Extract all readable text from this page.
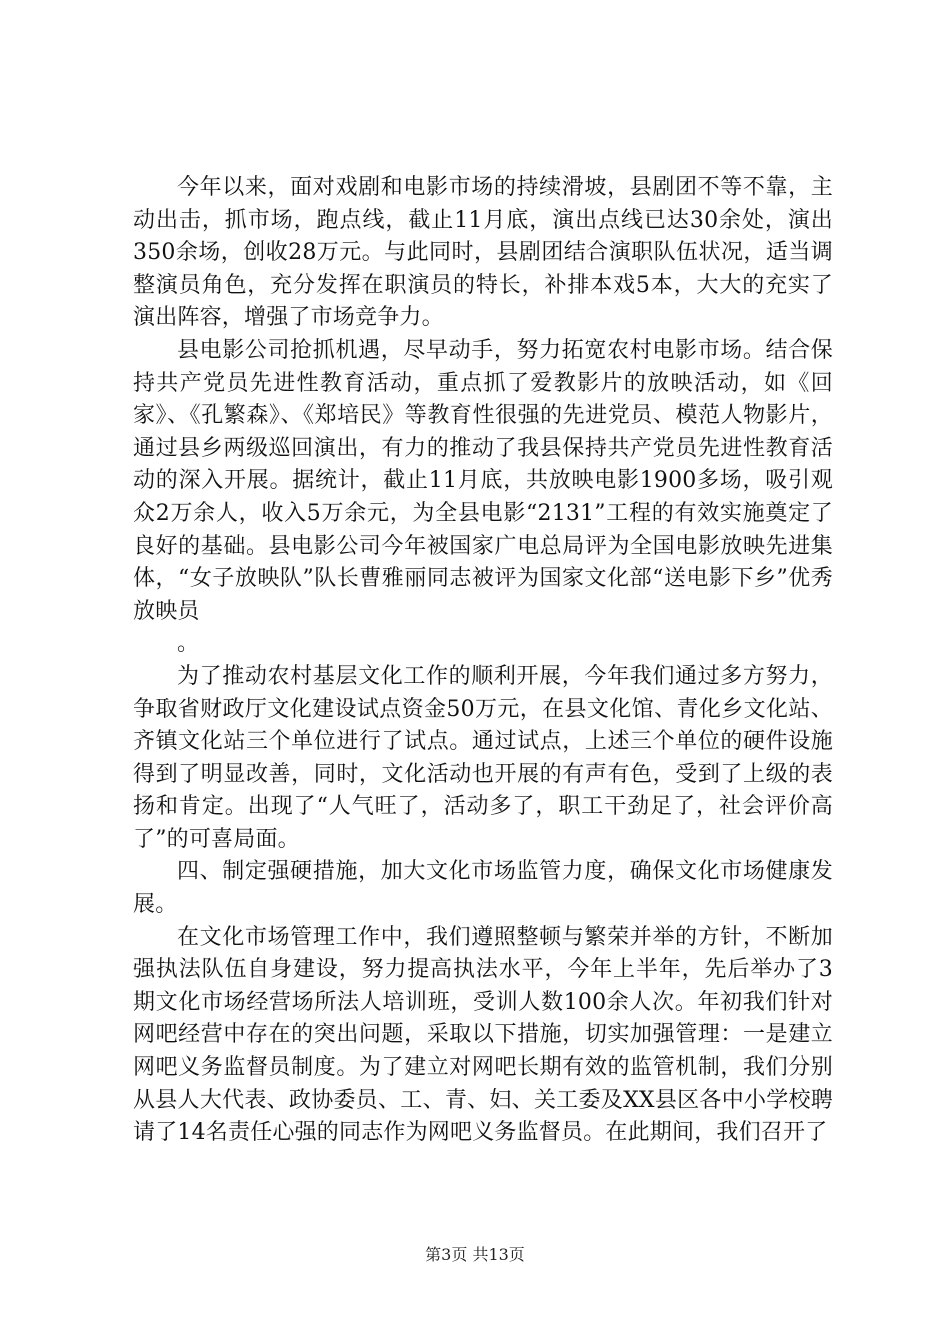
今年以来，面对戏剧和电影市场的持续滑坡，县剧团不等不靠，主动出击，抓市场，跑点线，截止11月底，演出点线已达30余处，演出350余场，创收28万元。与此同时，县剧团结合演职队伍状况，适当调整演员角色，充分发挥在职演员的特长，补排本戏5本，大大的充实了演出阵容，增强了市场竞争力。

县电影公司抢抓机遇，尽早动手，努力拓宽农村电影市场。结合保持共产党员先进性教育活动，重点抓了爱教影片的放映活动，如《回家》、《孔繁森》、《郑培民》等教育性很强的先进党员、模范人物影片，通过县乡两级巡回演出，有力的推动了我县保持共产党员先进性教育活动的深入开展。据统计，截止11月底，共放映电影1900多场，吸引观众2万余人，收入5万余元，为全县电影“2131”工程的有效实施奠定了良好的基础。县电影公司今年被国家广电总局评为全国电影放映先进集体，“女子放映队”队长曹雅丽同志被评为国家文化部“送电影下乡”优秀放映员

。

为了推动农村基层文化工作的顺利开展，今年我们通过多方努力，争取省财政厅文化建设试点资金50万元，在县文化馆、青化乡文化站、齐镇文化站三个单位进行了试点。通过试点，上述三个单位的硬件设施得到了明显改善，同时，文化活动也开展的有声有色，受到了上级的表扬和肯定。出现了“人气旺了，活动多了，职工干劲足了，社会评价高了”的可喜局面。

四、制定强硬措施，加大文化市场监管力度，确保文化市场健康发展。

在文化市场管理工作中，我们遵照整顿与繁荣并举的方针，不断加强执法队伍自身建设，努力提高执法水平，今年上半年，先后举办了3期文化市场经营场所法人培训班，受训人数100余人次。年初我们针对网吧经营中存在的突出问题，采取以下措施，切实加强管理：一是建立网吧义务监督员制度。为了建立对网吧长期有效的监管机制，我们分别从县人大代表、政协委员、工、青、妇、关工委及XX县区各中小学校聘请了14名责任心强的同志作为网吧义务监督员。在此期间，我们召开了

第3页 共13页
